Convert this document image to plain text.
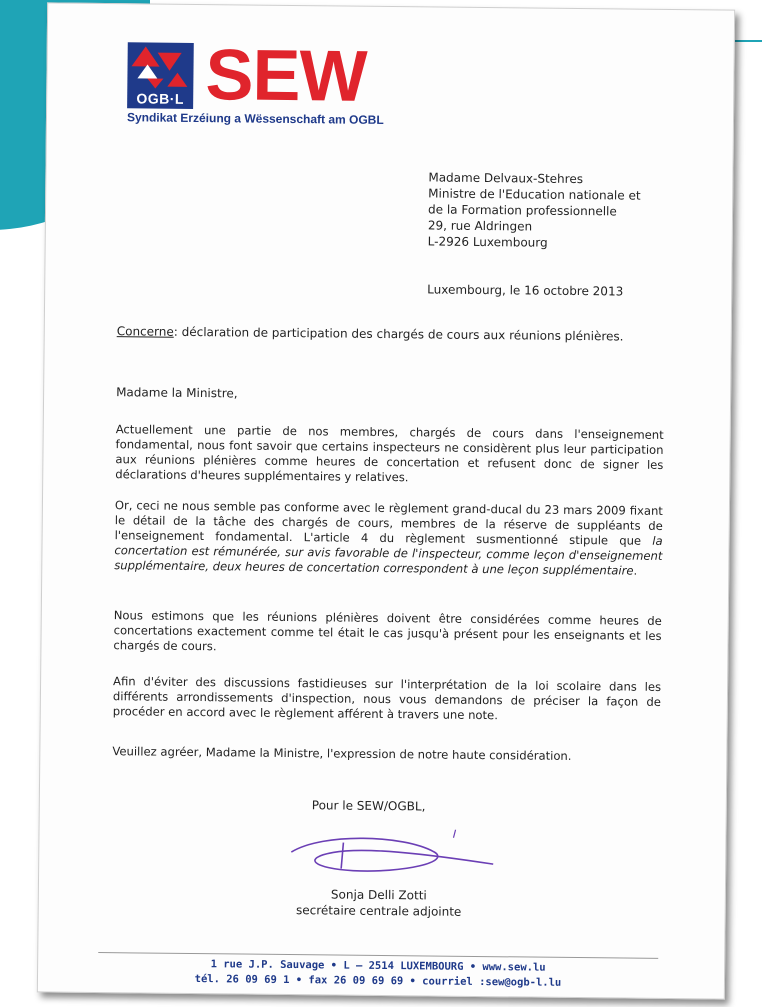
OGB·L SEW
Syndikat Erzéiung a Wëssenschaft am OGBL
Madame Delvaux-Stehres
Ministre de l'Education nationale et
de la Formation professionnelle
29, rue Aldringen
L-2926 Luxembourg
Luxembourg, le 16 octobre 2013
Concerne: déclaration de participation des chargés de cours aux réunions plénières.
Madame la Ministre,
Actuellement une partie de nos membres, chargés de cours dans l'enseignement fondamental, nous font savoir que certains inspecteurs ne considèrent plus leur participation aux réunions plénières comme heures de concertation et refusent donc de signer les déclarations d'heures supplémentaires y relatives.
Or, ceci ne nous semble pas conforme avec le règlement grand-ducal du 23 mars 2009 fixant le détail de la tâche des chargés de cours, membres de la réserve de suppléants de l'enseignement fondamental. L'article 4 du règlement susmentionné stipule que la concertation est rémunérée, sur avis favorable de l'inspecteur, comme leçon d'enseignement supplémentaire, deux heures de concertation correspondent à une leçon supplémentaire.
Nous estimons que les réunions plénières doivent être considérées comme heures de concertations exactement comme tel était le cas jusqu'à présent pour les enseignants et les chargés de cours.
Afin d'éviter des discussions fastidieuses sur l'interprétation de la loi scolaire dans les différents arrondissements d'inspection, nous vous demandons de préciser la façon de procéder en accord avec le règlement afférent à travers une note.
Veuillez agréer, Madame la Ministre, l'expression de notre haute considération.
Pour le SEW/OGBL,
Sonja Delli Zotti
secrétaire centrale adjointe
1 rue J.P. Sauvage • L – 2514 LUXEMBOURG • www.sew.lu
tél. 26 09 69 1 • fax 26 09 69 69 • courriel :sew@ogb-l.lu
